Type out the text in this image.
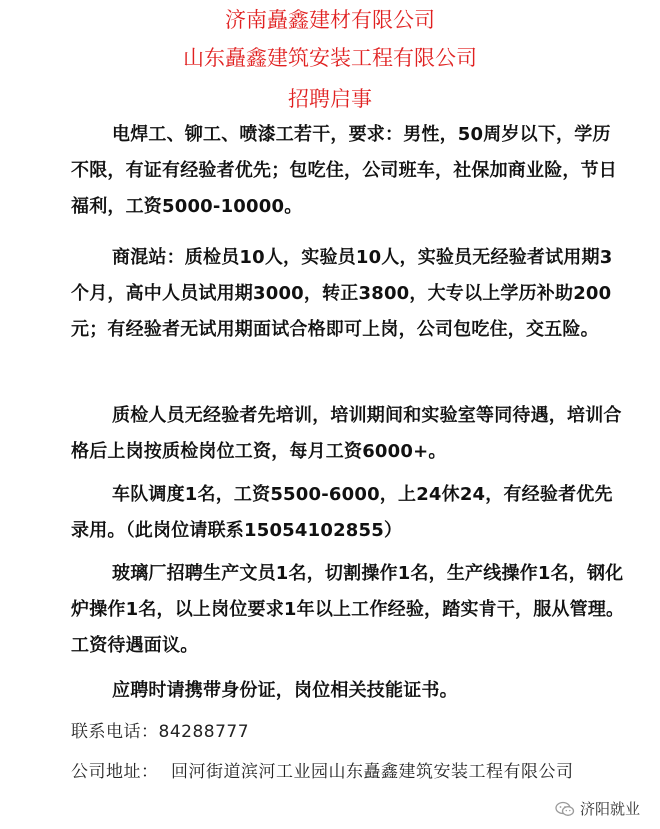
济南矗鑫建材有限公司
山东矗鑫建筑安装工程有限公司
招聘启事
电焊工、铆工、喷漆工若干，要求：男性，50周岁以下，学历不限，有证有经验者优先；包吃住，公司班车，社保加商业险，节日福利，工资5000-10000。
商混站：质检员10人，实验员10人，实验员无经验者试用期3个月，高中人员试用期3000，转正3800，大专以上学历补助200元；有经验者无试用期面试合格即可上岗，公司包吃住，交五险。
质检人员无经验者先培训，培训期间和实验室等同待遇，培训合格后上岗按质检岗位工资，每月工资6000+。
车队调度1名，工资5500-6000，上24休24，有经验者优先录用。（此岗位请联系15054102855）
玻璃厂招聘生产文员1名，切割操作1名，生产线操作1名，钢化炉操作1名，以上岗位要求1年以上工作经验，踏实肯干，服从管理。工资待遇面议。
应聘时请携带身份证，岗位相关技能证书。
联系电话：84288777
公司地址： 回河街道滨河工业园山东矗鑫建筑安装工程有限公司
济阳就业
